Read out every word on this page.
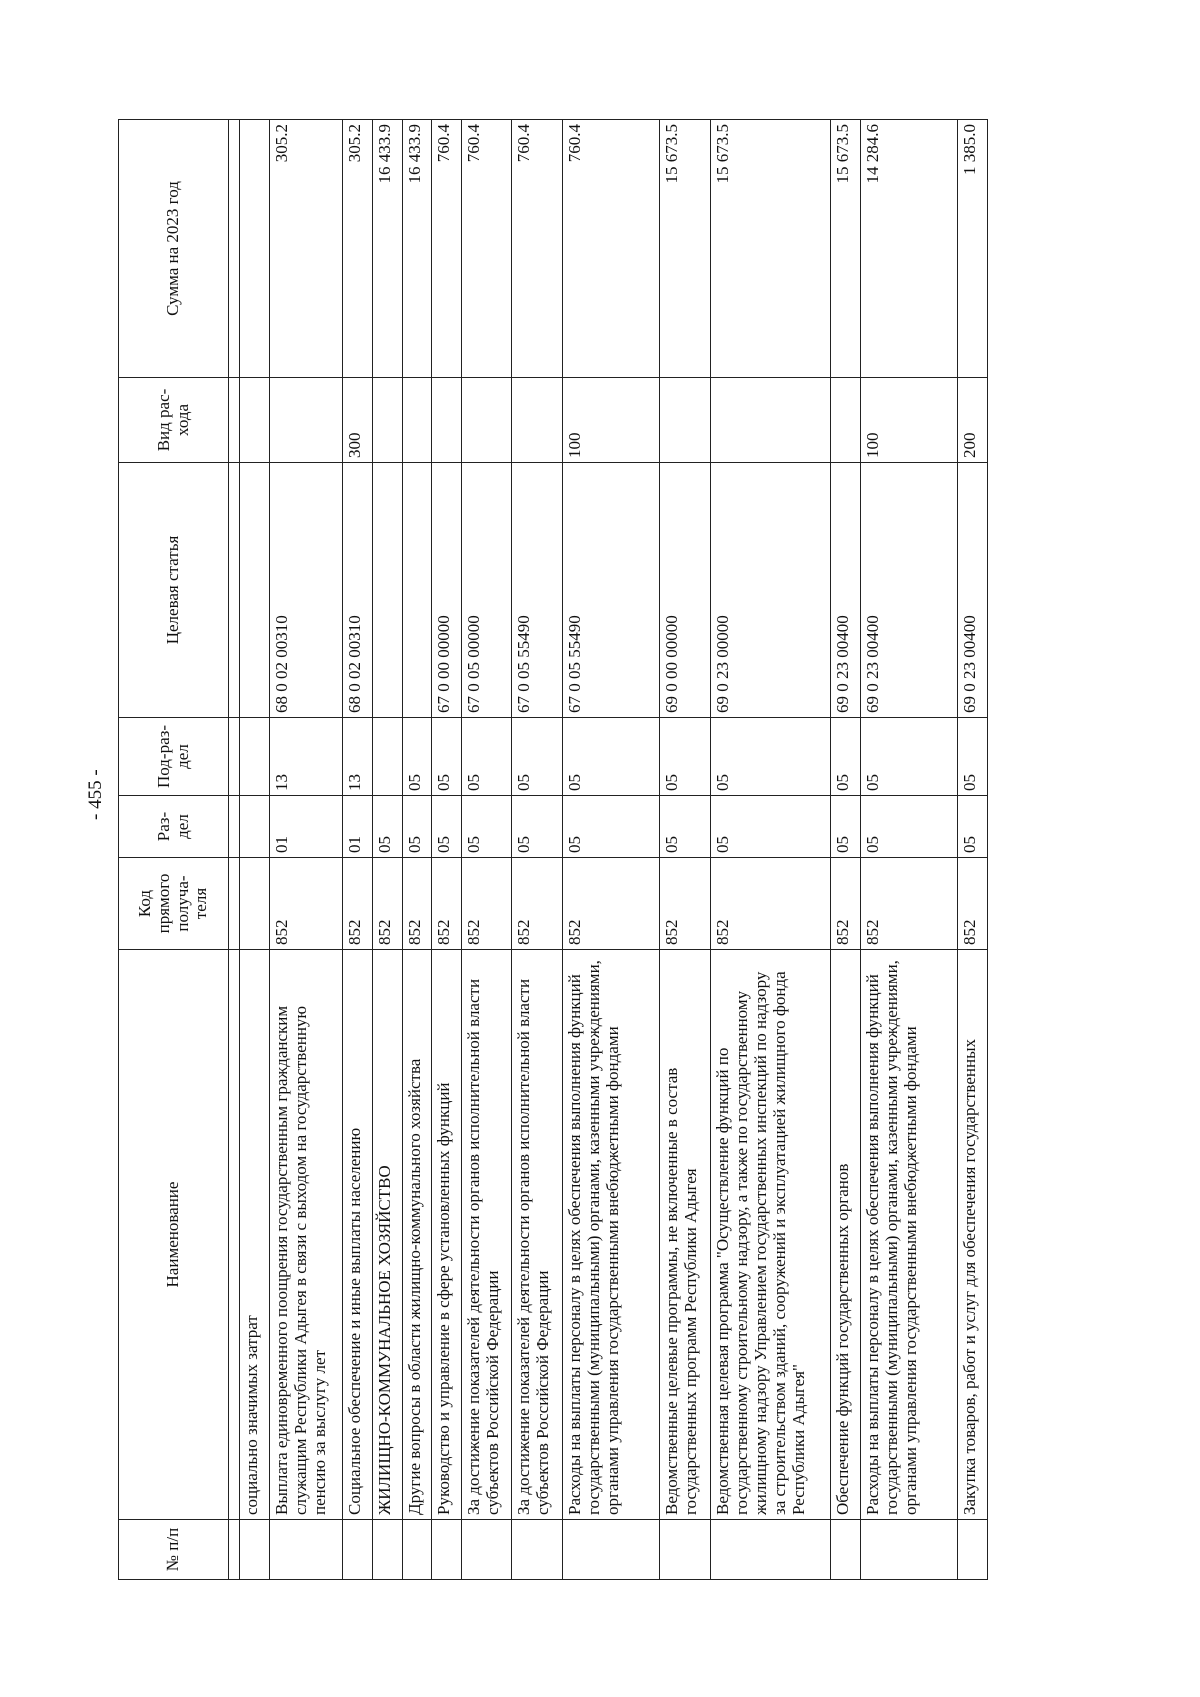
- 455 -
№ п/п	Наименование	Код прямого получа-теля	Раз-дел	Под-раз-дел	Целевая статья	Вид рас-хода	Сумма на 2023 год

	социально значимых затрат						
	Выплата единовременного поощрения государственным гражданским служащим Республики Адыгея в связи с выходом на государственную пенсию за выслугу лет	852	01	13	68 0 02 00310		305.2
	Социальное обеспечение и иные выплаты населению	852	01	13	68 0 02 00310	300	305.2
	ЖИЛИЩНО-КОММУНАЛЬНОЕ ХОЗЯЙСТВО	852	05				16 433.9
	Другие вопросы в области жилищно-коммунального хозяйства	852	05	05			16 433.9
	Руководство и управление в сфере установленных функций	852	05	05	67 0 00 00000		760.4
	За достижение показателей деятельности органов исполнительной власти субъектов Российской Федерации	852	05	05	67 0 05 00000		760.4
	За достижение показателей деятельности органов исполнительной власти субъектов Российской Федерации	852	05	05	67 0 05 55490		760.4
	Расходы на выплаты персоналу в целях обеспечения выполнения функций государственными (муниципальными) органами, казенными учреждениями, органами управления государственными внебюджетными фондами	852	05	05	67 0 05 55490	100	760.4
	Ведомственные целевые программы, не включенные в состав государственных программ Республики Адыгея	852	05	05	69 0 00 00000		15 673.5
	Ведомственная целевая программа "Осуществление функций по государственному строительному надзору, а также по государственному жилищному надзору Управлением государственных инспекций по надзору за строительством зданий, сооружений и эксплуатацией жилищного фонда Республики Адыгея"	852	05	05	69 0 23 00000		15 673.5
	Обеспечение функций государственных органов	852	05	05	69 0 23 00400		15 673.5
	Расходы на выплаты персоналу в целях обеспечения выполнения функций государственными (муниципальными) органами, казенными учреждениями, органами управления государственными внебюджетными фондами	852	05	05	69 0 23 00400	100	14 284.6
	Закупка товаров, работ и услуг для обеспечения государственных	852	05	05	69 0 23 00400	200	1 385.0
